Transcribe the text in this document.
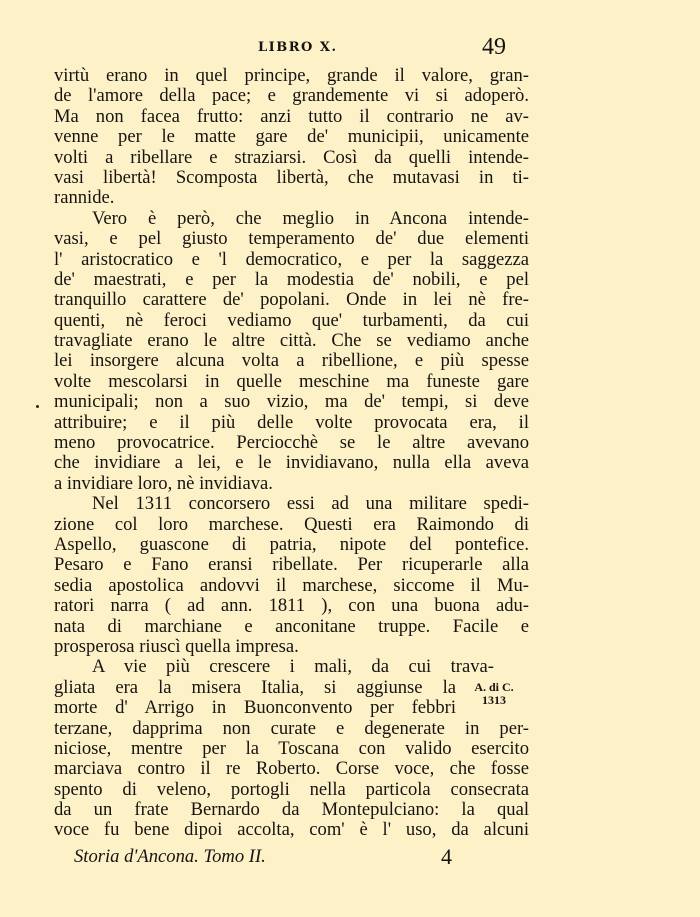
LIBRO X.	49
virtù erano in quel principe, grande il valore, gran-
de l'amore della pace; e grandemente vi si adoperò.
Ma non facea frutto: anzi tutto il contrario ne av-
venne per le matte gare de' municipii, unicamente
volti a ribellare e straziarsi. Così da quelli intende-
vasi libertà! Scomposta libertà, che mutavasi in ti-
rannide.
Vero è però, che meglio in Ancona intende-
vasi, e pel giusto temperamento de' due elementi
l' aristocratico e 'l democratico, e per la saggezza
de' maestrati, e per la modestia de' nobili, e pel
tranquillo carattere de' popolani. Onde in lei nè fre-
quenti, nè feroci vediamo que' turbamenti, da cui
travagliate erano le altre città. Che se vediamo anche
lei insorgere alcuna volta a ribellione, e più spesse
volte mescolarsi in quelle meschine ma funeste gare
municipali; non a suo vizio, ma de' tempi, si deve
attribuire; e il più delle volte provocata era, il
meno provocatrice. Perciocchè se le altre avevano
che invidiare a lei, e le invidiavano, nulla ella aveva
a invidiare loro, nè invidiava.
Nel 1311 concorsero essi ad una militare spedi-
zione col loro marchese. Questi era Raimondo di
Aspello, guascone di patria, nipote del pontefice.
Pesaro e Fano eransi ribellate. Per ricuperarle alla
sedia apostolica andovvi il marchese, siccome il Mu-
ratori narra ( ad ann. 1811 ), con una buona adu-
nata di marchiane e anconitane truppe. Facile e
prosperosa riuscì quella impresa.
A vie più crescere i mali, da cui trava-
gliata era la misera Italia, si aggiunse la
morte d' Arrigo in Buonconvento per febbri
terzane, dapprima non curate e degenerate in per-
niciose, mentre per la Toscana con valido esercito
marciava contro il re Roberto. Corse voce, che fosse
spento di veleno, portogli nella particola consecrata
da un frate Bernardo da Montepulciano: la qual
voce fu bene dipoi accolta, com' è l' uso, da alcuni
A. di C.
1313
Storia d'Ancona. Tomo II.	4
